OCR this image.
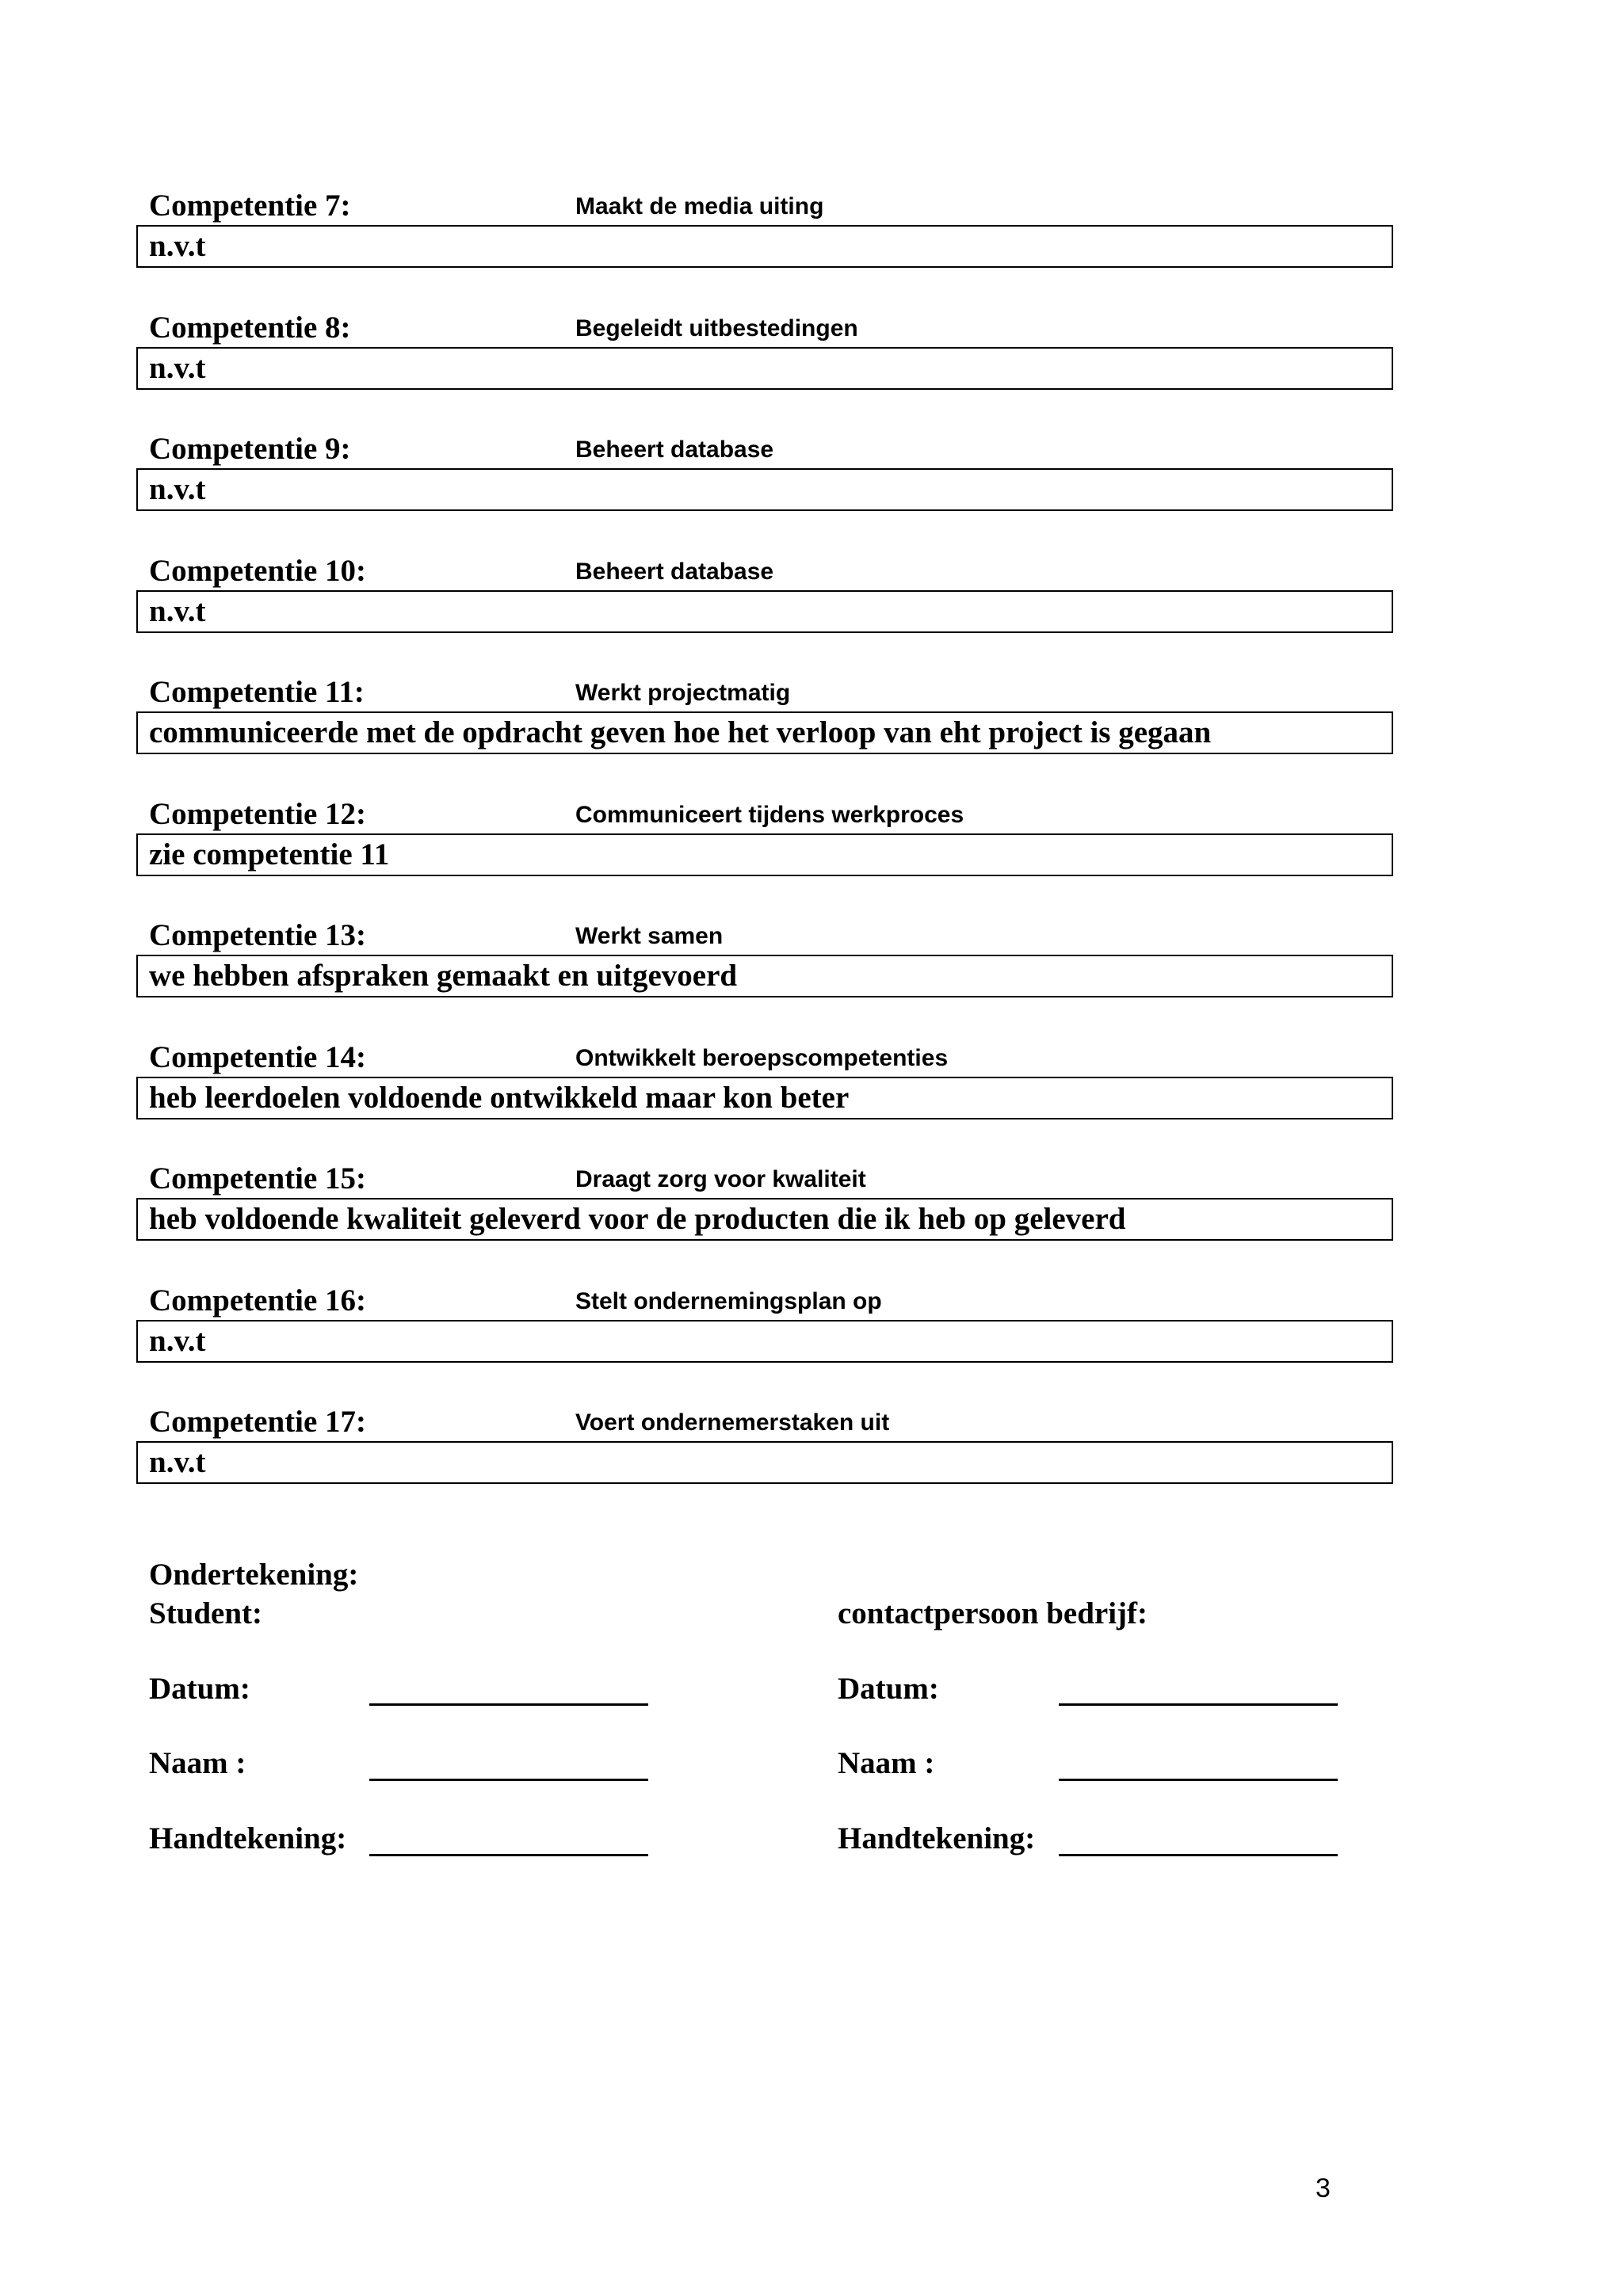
Competentie 7:	Maakt de media uiting
n.v.t
Competentie 8:	Begeleidt uitbestedingen
n.v.t
Competentie 9:	Beheert database
n.v.t
Competentie 10:	Beheert database
n.v.t
Competentie 11:	Werkt projectmatig
communiceerde met de opdracht geven hoe het verloop van eht project is gegaan
Competentie 12:	Communiceert tijdens werkproces
zie competentie 11
Competentie 13:	Werkt samen
we hebben afspraken gemaakt en uitgevoerd
Competentie 14:	Ontwikkelt beroepscompetenties
heb leerdoelen voldoende ontwikkeld maar kon beter
Competentie 15:	Draagt zorg voor kwaliteit
heb voldoende kwaliteit geleverd voor de producten die ik heb op geleverd
Competentie 16:	Stelt ondernemingsplan op
n.v.t
Competentie 17:	Voert ondernemerstaken uit
n.v.t
Ondertekening:
Student:
Datum:
Naam :
Handtekening:
contactpersoon bedrijf:
Datum:
Naam :
Handtekening:
3
